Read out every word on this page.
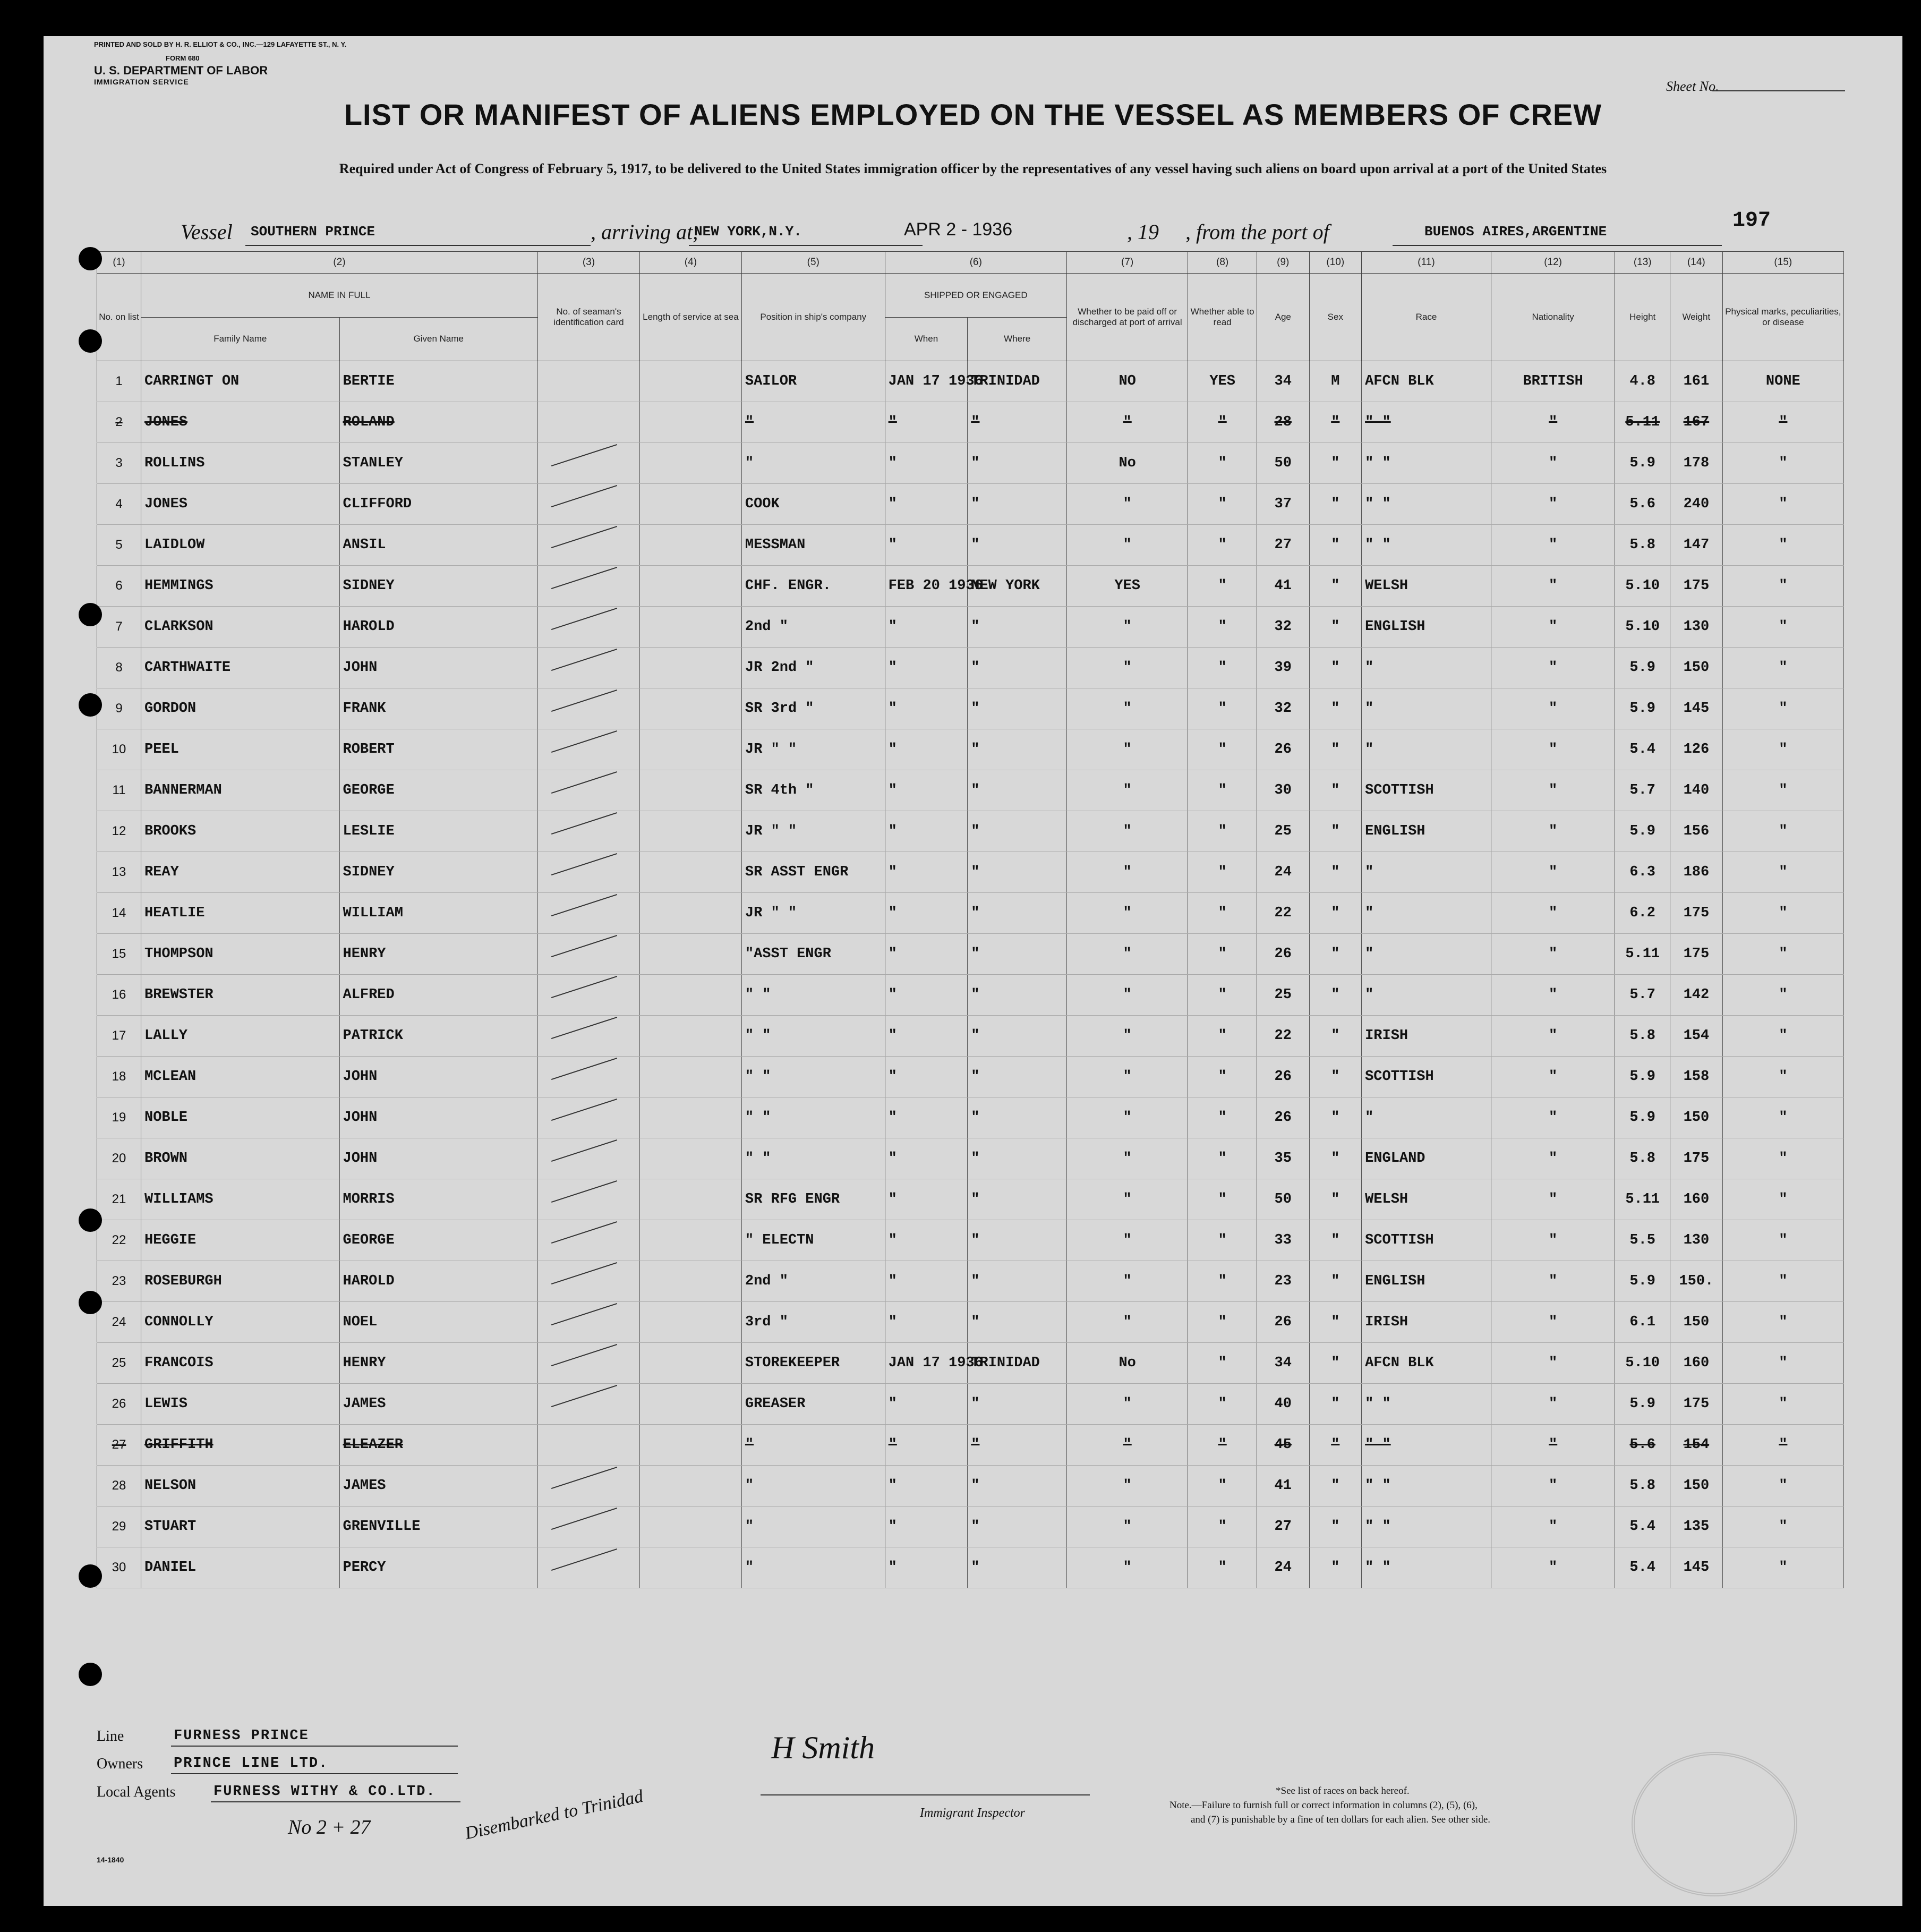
PRINTED AND SOLD BY H. R. ELLIOT & CO., INC.—129 LAFAYETTE ST., N. Y.
FORM 680
U. S. DEPARTMENT OF LABOR
IMMIGRATION SERVICE	Sheet No.
LIST OR MANIFEST OF ALIENS EMPLOYED ON THE VESSEL AS MEMBERS OF CREW
Required under Act of Congress of February 5, 1917, to be delivered to the United States immigration officer by the representatives of any vessel having such aliens on board upon arrival at a port of the United States
Vessel SOUTHERN PRINCE	, arriving at,
NEW YORK,N.Y.	APR 2 - 1936	, 19 , from the port of	BUENOS AIRES,ARGENTINE	197
(1)	(2)		(3)	(4)	(5)	(6)		(7)	(8)	(9)	(10)	(11)	(12)	(13)	(14)	(15)
No. on list	NAME IN FULL		No. of seaman's identification card	Length of service at sea	Position in ship's company	SHIPPED OR ENGAGED		Whether to be paid off or discharged at port of arrival	Whether able to read	Age	Sex	Race	Nationality	Height	Weight	Physical marks, peculiarities, or disease
	Family Name	Given Name				When	Where									
1	CARRINGT ON	BERTIE			SAILOR	JAN 17 1936	TRINIDAD	NO	YES	34	M	AFCN BLK	BRITISH	4.8	161	NONE
2	JONES	ROLAND			"	"	"	"	"	28	"	" "	"	5.11	167	"
3	ROLLINS	STANLEY			"	"	"	No	"	50	"	" "	"	5.9	178	"
4	JONES	CLIFFORD			COOK	"	"	"	"	37	"	" "	"	5.6	240	"
5	LAIDLOW	ANSIL			MESSMAN	"	"	"	"	27	"	" "	"	5.8	147	"
6	HEMMINGS	SIDNEY			CHF. ENGR.	FEB 20 1936	NEW YORK	YES	"	41	"	WELSH	"	5.10	175	"
7	CLARKSON	HAROLD			2nd "	"	"	"	"	32	"	ENGLISH	"	5.10	130	"
8	CARTHWAITE	JOHN			JR 2nd "	"	"	"	"	39	"	"	"	5.9	150	"
9	GORDON	FRANK			SR 3rd "	"	"	"	"	32	"	"	"	5.9	145	"
10	PEEL	ROBERT			JR " "	"	"	"	"	26	"	"	"	5.4	126	"
11	BANNERMAN	GEORGE			SR 4th "	"	"	"	"	30	"	SCOTTISH	"	5.7	140	"
12	BROOKS	LESLIE			JR " "	"	"	"	"	25	"	ENGLISH	"	5.9	156	"
13	REAY	SIDNEY			SR ASST ENGR	"	"	"	"	24	"	"	"	6.3	186	"
14	HEATLIE	WILLIAM			JR " "	"	"	"	"	22	"	"	"	6.2	175	"
15	THOMPSON	HENRY			"ASST ENGR	"	"	"	"	26	"	"	"	5.11	175	"
16	BREWSTER	ALFRED			" "	"	"	"	"	25	"	"	"	5.7	142	"
17	LALLY	PATRICK			" "	"	"	"	"	22	"	IRISH	"	5.8	154	"
18	MCLEAN	JOHN			" "	"	"	"	"	26	"	SCOTTISH	"	5.9	158	"
19	NOBLE	JOHN			" "	"	"	"	"	26	"	"	"	5.9	150	"
20	BROWN	JOHN			" "	"	"	"	"	35	"	ENGLAND	"	5.8	175	"
21	WILLIAMS	MORRIS			SR RFG ENGR	"	"	"	"	50	"	WELSH	"	5.11	160	"
22	HEGGIE	GEORGE			" ELECTN	"	"	"	"	33	"	SCOTTISH	"	5.5	130	"
23	ROSEBURGH	HAROLD			2nd "	"	"	"	"	23	"	ENGLISH	"	5.9	150.	"
24	CONNOLLY	NOEL			3rd "	"	"	"	"	26	"	IRISH	"	6.1	150	"
25	FRANCOIS	HENRY			STOREKEEPER	JAN 17 1936	TRINIDAD	No	"	34	"	AFCN BLK	"	5.10	160	"
26	LEWIS	JAMES			GREASER	"	"	"	"	40	"	" "	"	5.9	175	"
27	GRIFFITH	ELEAZER			"	"	"	"	"	45	"	" "	"	5.6	154	"
28	NELSON	JAMES			"	"	"	"	"	41	"	" "	"	5.8	150	"
29	STUART	GRENVILLE			"	"	"	"	"	27	"	" "	"	5.4	135	"
30	DANIEL	PERCY			"	"	"	"	"	24	"	" "	"	5.4	145	"
Line	FURNESS PRINCE
Owners PRINCE LINE LTD.
Local Agents	FURNESS WITHY & CO.LTD.
H Smith
Immigrant Inspector
*See list of races on back hereof.
Note.—Failure to furnish full or correct information in columns (2), (5), (6),
and (7) is punishable by a fine of ten dollars for each alien. See other side.
14-1840
No 2 + 27	Disembarked to Trinidad
